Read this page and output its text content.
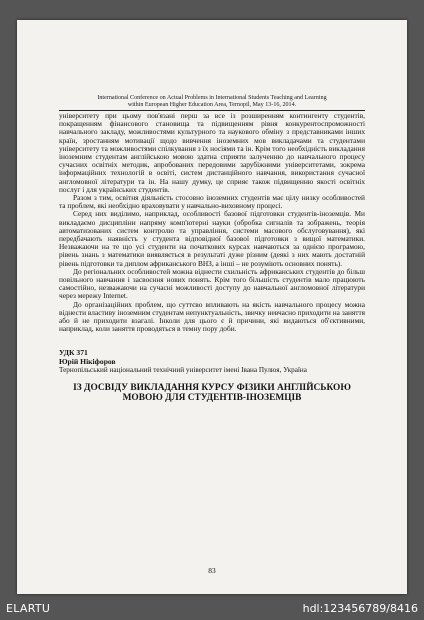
International Conference on Actual Problems in International Students Teaching and Learning
within European Higher Education Area, Ternopil, May 13-16, 2014.

університету при цьому пов'язані перш за все із розширенням контингенту студентів, покращенням фінансового становища та підвищенням рівня конкурентоспроможності навчального закладу, можливостями культурного та наукового обміну з представниками інших країн, зростанням мотивації щодо вивчення іноземних мов викладачами та студентами університету та можливостями спілкування з їх носіями та ін. Крім того необхідність викладання іноземним студентам англійською мовою здатна сприяти залученню до навчального процесу сучасних освітніх методик, апробованих передовими зарубіжними університетами, зокрема інформаційних технологій в освіті, систем дистанційного навчання, використання сучасної англомовної літератури та ін. На нашу думку, це сприяє також підвищенню якості освітніх послуг і для українських студентів.

Разом з тим, освітня діяльність стосовно іноземних студентів має цілу низку особливостей та проблем, які необхідно враховувати у навчально-виховному процесі.

Серед них виділимо, наприклад, особливості базової підготовки студентів-іноземців. Ми викладаємо дисципліни напряму комп'ютерні науки (обробка сигналів та зображень, теорія автоматизованих систем контролю та управління, системи масового обслуговування), які передбачають наявність у студента відповідної базової підготовки з вищої математики. Незважаючи на те що усі студенти на початкових курсах навчаються за однією програмою, рівень знань з математики виявляється в результаті дуже різним (деякі з них мають достатній рівень підготовки та диплом африканського ВНЗ, а інші – не розуміють основних понять).

До регіональних особливостей можна віднести схильність африканських студентів до більш повільного навчання і засвоєння нових понять. Крім того більшість студентів мало працюють самостійно, незважаючи на сучасні можливості доступу до навчальної англомовної літератури через мережу Internet.

До організаційних проблем, що суттєво впливають на якість навчального процесу можна віднести властиву іноземним студентам непунктуальність, звичку невчасно приходити на заняття або й не приходити взагалі. Інколи для цього є й причини, які видаються об'єктивними, наприклад, коли заняття проводяться в темну пору доби.

УДК 371
Юрій Нікіфоров
Тернопільський національний технічний університет імені Івана Пулюя, Україна
ІЗ ДОСВІДУ ВИКЛАДАННЯ КУРСУ ФІЗИКИ АНГЛІЙСЬКОЮ МОВОЮ ДЛЯ СТУДЕНТІВ-ІНОЗЕМЦІВ
83
ELARTU	hdl:123456789/8416
